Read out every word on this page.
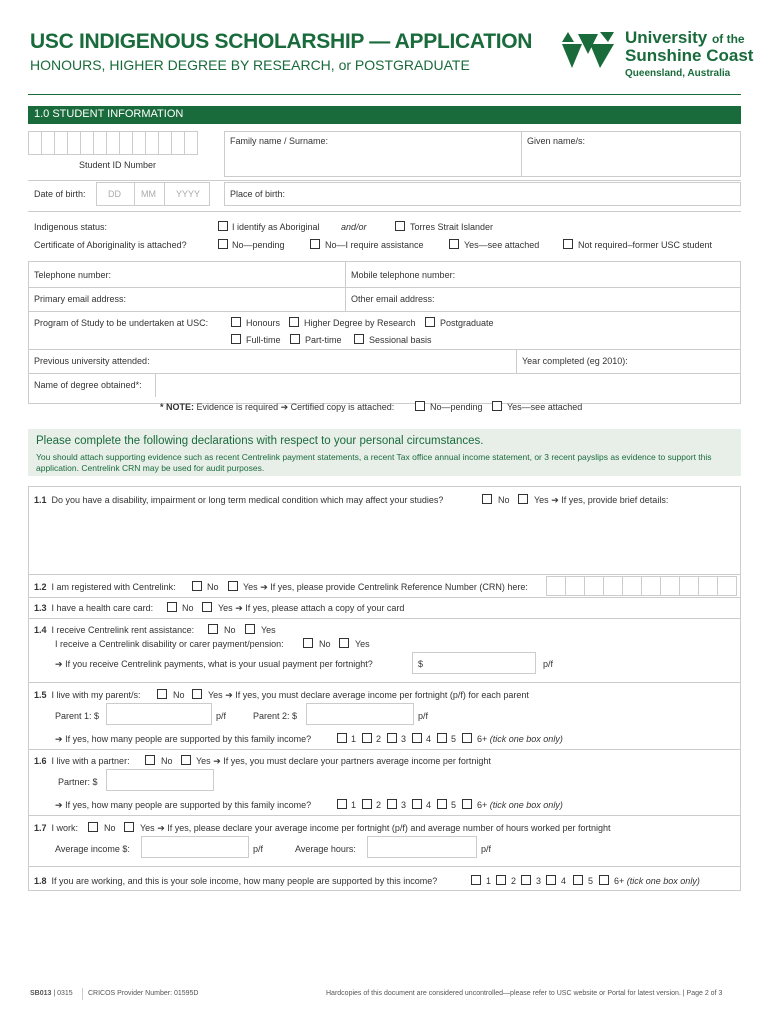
USC INDIGENOUS SCHOLARSHIP — APPLICATION
HONOURS, HIGHER DEGREE BY RESEARCH, or POSTGRADUATE
University of the
Sunshine Coast
Queensland, Australia
1.0 STUDENT INFORMATION
Student ID Number
Family name / Surname:	Given name/s:
Date of birth: DD MM YYYY	Place of birth:
Indigenous status:	I identify as Aboriginal and/or	Torres Strait Islander
Certificate of Aboriginality is attached?	No—pending	No—I require assistance	Yes—see attached	Not required–former USC student
Telephone number:	Mobile telephone number:
Primary email address:	Other email address:
Program of Study to be undertaken at USC:	Honours	Higher Degree by Research	Postgraduate
Full-time	Part-time	Sessional basis
Previous university attended:	Year completed (eg 2010):
Name of degree obtained*:
* NOTE: Evidence is required ➔ Certified copy is attached:	No—pending	Yes—see attached
Please complete the following declarations with respect to your personal circumstances.
You should attach supporting evidence such as recent Centrelink payment statements, a recent Tax office annual income statement, or 3 recent payslips as evidence to support this application. Centrelink CRN may be used for audit purposes.
1.1 Do you have a disability, impairment or long term medical condition which may affect your studies?	No	Yes ➔ If yes, provide brief details:
1.2 I am registered with Centrelink:	No	Yes ➔ If yes, please provide Centrelink Reference Number (CRN) here:
1.3 I have a health care card:	No	Yes ➔ If yes, please attach a copy of your card
1.4 I receive Centrelink rent assistance:	No	Yes
I receive a Centrelink disability or carer payment/pension:	No	Yes
➔ If you receive Centrelink payments, what is your usual payment per fortnight?	$	p/f
1.5 I live with my parent/s:	No	Yes ➔ If yes, you must declare average income per fortnight (p/f) for each parent
Parent 1: $	p/f	Parent 2: $	p/f
➔ If yes, how many people are supported by this family income?	1 2 3 4 5 6+ (tick one box only)
1.6 I live with a partner:	No	Yes ➔ If yes, you must declare your partners average income per fortnight
Partner: $
➔ If yes, how many people are supported by this family income?	1 2 3 4 5 6+ (tick one box only)
1.7 I work:	No	Yes ➔ If yes, please declare your average income per fortnight (p/f) and average number of hours worked per fortnight
Average income $:	p/f	Average hours:	p/f
1.8 If you are working, and this is your sole income, how many people are supported by this income?	1 2 3 4 5 6+ (tick one box only)
SB013 | 0315 CRICOS Provider Number: 01595D	Hardcopies of this document are considered uncontrolled—please refer to USC website or Portal for latest version. | Page 2 of 3
